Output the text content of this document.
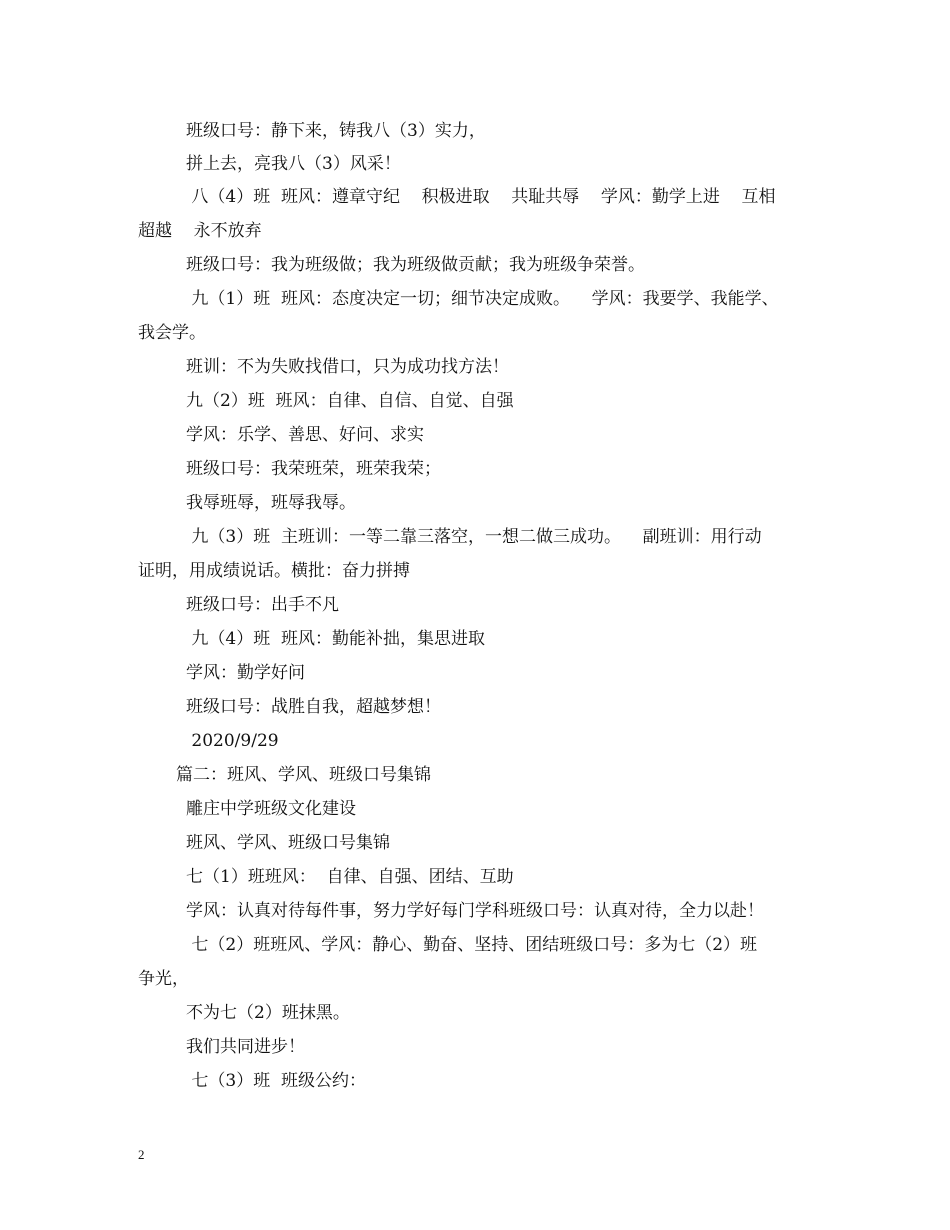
班级口号：静下来，铸我八（3）实力，

拼上去，亮我八（3）风采！

八（4）班  班风：遵章守纪    积极进取    共耻共辱    学风：勤学上进    互相

超越    永不放弃

班级口号：我为班级做；我为班级做贡献；我为班级争荣誉。

九（1）班  班风：态度决定一切；细节决定成败。    学风：我要学、我能学、

我会学。

班训：不为失败找借口，只为成功找方法！

九（2）班  班风：自律、自信、自觉、自强

学风：乐学、善思、好问、求实

班级口号：我荣班荣，班荣我荣；

我辱班辱，班辱我辱。

九（3）班  主班训：一等二靠三落空，一想二做三成功。    副班训：用行动

证明，用成绩说话。横批：奋力拼搏

班级口号：出手不凡

九（4）班  班风：勤能补拙，集思进取

学风：勤学好问

班级口号：战胜自我，超越梦想！

2020/9/29

篇二：班风、学风、班级口号集锦

雕庄中学班级文化建设

班风、学风、班级口号集锦

七（1）班班风：  自律、自强、团结、互助

学风：认真对待每件事，努力学好每门学科班级口号：认真对待，全力以赴！

七（2）班班风、学风：静心、勤奋、坚持、团结班级口号：多为七（2）班

争光，

不为七（2）班抹黑。

我们共同进步！

七（3）班  班级公约：

2
